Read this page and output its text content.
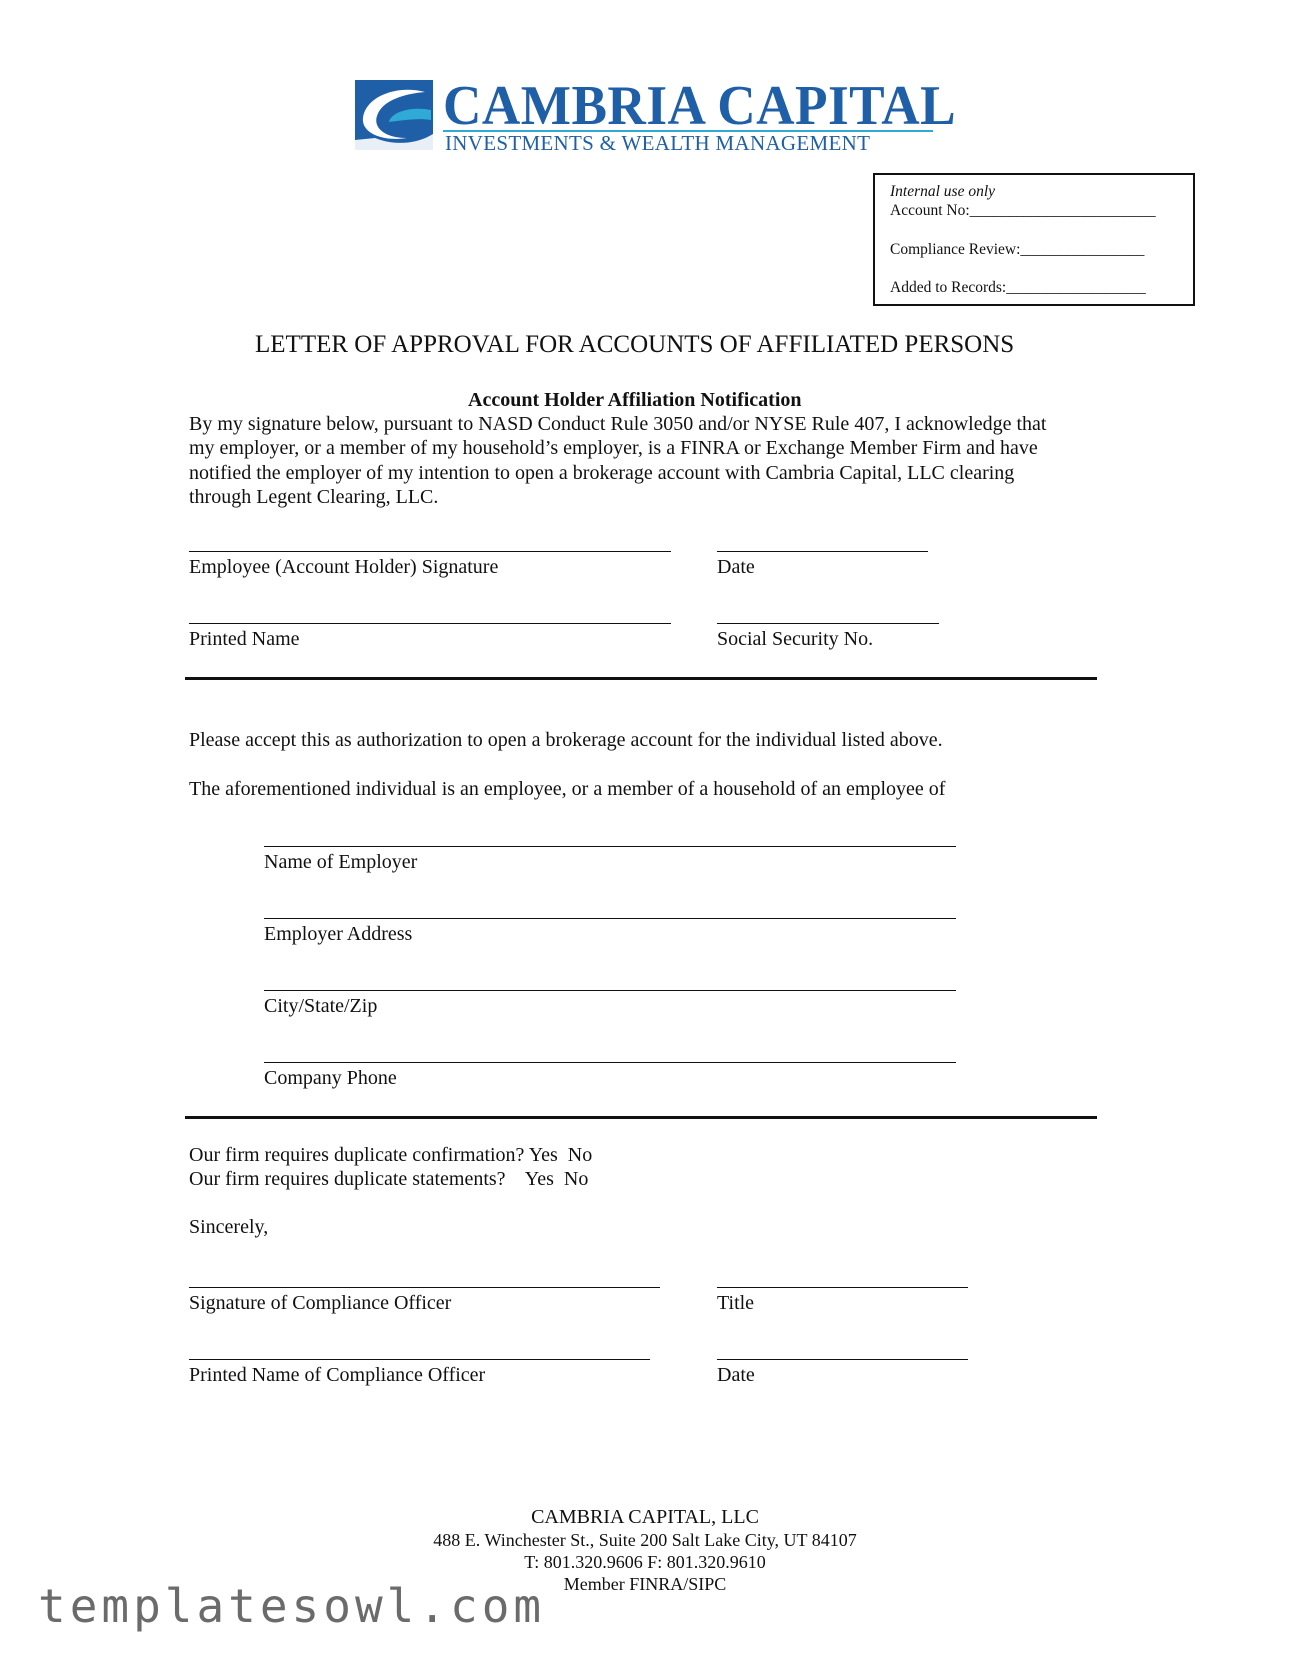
CAMBRIA CAPITAL
INVESTMENTS & WEALTH MANAGEMENT
Internal use only
Account No:________________________
Compliance Review:________________
Added to Records:__________________
LETTER OF APPROVAL FOR ACCOUNTS OF AFFILIATED PERSONS
Account Holder Affiliation Notification
By my signature below, pursuant to NASD Conduct Rule 3050 and/or NYSE Rule 407, I acknowledge that
my employer, or a member of my household’s employer, is a FINRA or Exchange Member Firm and have
notified the employer of my intention to open a brokerage account with Cambria Capital, LLC clearing
through Legent Clearing, LLC.
Employee (Account Holder) Signature	Date
Printed Name	Social Security No.
Please accept this as authorization to open a brokerage account for the individual listed above.
The aforementioned individual is an employee, or a member of a household of an employee of
Name of Employer
Employer Address
City/State/Zip
Company Phone
Our firm requires duplicate confirmation? Yes  No
Our firm requires duplicate statements?    Yes  No
Sincerely,
Signature of Compliance Officer	Title
Printed Name of Compliance Officer	Date
CAMBRIA CAPITAL, LLC
488 E. Winchester St., Suite 200 Salt Lake City, UT 84107
T: 801.320.9606 F: 801.320.9610
Member FINRA/SIPC
templatesowl.com
